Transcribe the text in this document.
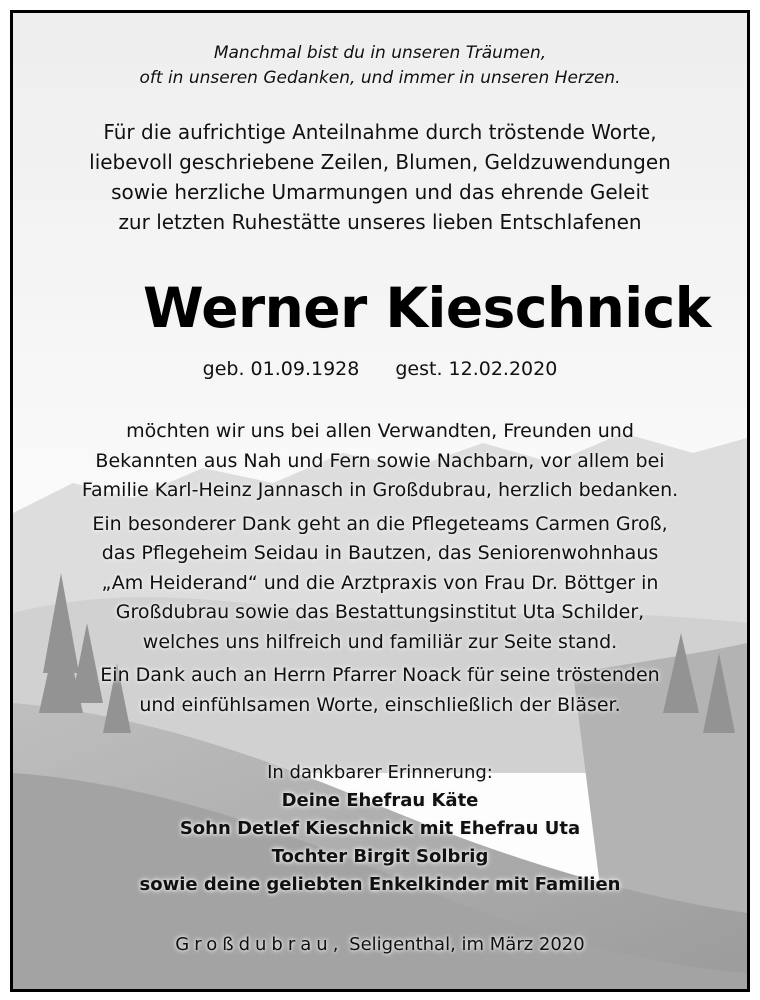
Manchmal bist du in unseren Träumen,
oft in unseren Gedanken, und immer in unseren Herzen.
Für die aufrichtige Anteilnahme durch tröstende Worte,
liebevoll geschriebene Zeilen, Blumen, Geldzuwendungen
sowie herzliche Umarmungen und das ehrende Geleit
zur letzten Ruhestätte unseres lieben Entschlafenen
Werner Kieschnick
geb. 01.09.1928 gest. 12.02.2020

möchten wir uns bei allen Verwandten, Freunden und
Bekannten aus Nah und Fern sowie Nachbarn, vor allem bei
Familie Karl-Heinz Jannasch in Großdubrau, herzlich bedanken.

Ein besonderer Dank geht an die Pflegeteams Carmen Groß,
das Pflegeheim Seidau in Bautzen, das Seniorenwohnhaus
„Am Heiderand“ und die Arztpraxis von Frau Dr. Böttger in
Großdubrau sowie das Bestattungsinstitut Uta Schilder,
welches uns hilfreich und familiär zur Seite stand.

Ein Dank auch an Herrn Pfarrer Noack für seine tröstenden
und einfühlsamen Worte, einschließlich der Bläser.

In dankbarer Erinnerung:
Deine Ehefrau Käte
Sohn Detlef Kieschnick mit Ehefrau Uta
Tochter Birgit Solbrig
sowie deine geliebten Enkelkinder mit Familien
Großdubrau, Seligenthal, im März 2020
